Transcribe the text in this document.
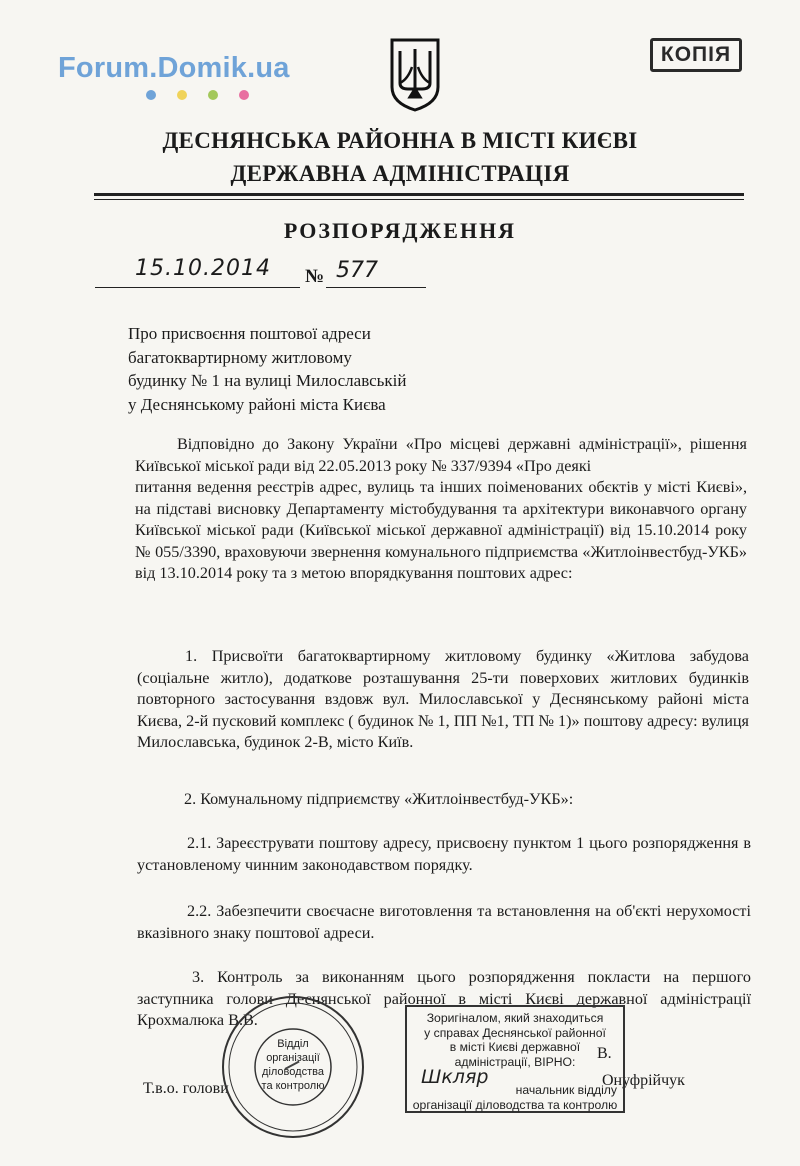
Forum.Domik.ua	КОПІЯ
ДЕСНЯНСЬКА РАЙОННА В МІСТІ КИЄВІ
ДЕРЖАВНА АДМІНІСТРАЦІЯ
РОЗПОРЯДЖЕННЯ
15.10.2014 № 577
Про присвоєння поштової адреси
багатоквартирному житловому
будинку № 1 на вулиці Милославській
у Деснянському районі міста Києва
Відповідно до Закону України «Про місцеві державні адміністрації», рішення Київської міської ради від 22.05.2013 року № 337/9394 «Про деякі
питання ведення реєстрів адрес, вулиць та інших поіменованих обєктів у місті Києві», на підставі висновку Департаменту містобудування та архітектури виконавчого органу Київської міської ради (Київської міської державної адміністрації) від 15.10.2014 року № 055/3390, враховуючи звернення комунального підприємства «Житлоінвестбуд-УКБ» від 13.10.2014 року та з метою впорядкування поштових адрес:
1. Присвоїти багатоквартирному житловому будинку «Житлова забудова (соціальне житло), додаткове розташування 25-ти поверхових житлових будинків повторного застосування вздовж вул. Милославської у Деснянському районі міста Києва, 2-й пусковий комплекс ( будинок № 1, ПП №1, ТП № 1)» поштову адресу: вулиця Милославська, будинок 2-В, місто Київ.
2. Комунальному підприємству «Житлоінвестбуд-УКБ»:
2.1. Зареєструвати поштову адресу, присвоєну пунктом 1 цього розпорядження в установленому чинним законодавством порядку.
2.2. Забезпечити своєчасне виготовлення та встановлення на об'єкті нерухомості вказівного знаку поштової адреси.
3. Контроль за виконанням цього розпорядження покласти на першого заступника голови Деснянської районної в місті Києві державної адміністрації Крохмалюка В.В.
Т.в.о. голови
В.
Онуфрійчук
Відділ
організації
діловодства
та контролю
Зоригіналом, який знаходиться
у справах Деснянської районної
в місті Києві державної
адміністрації, ВІРНО:
Шкляр
начальник відділу
організації діловодства та контролю
